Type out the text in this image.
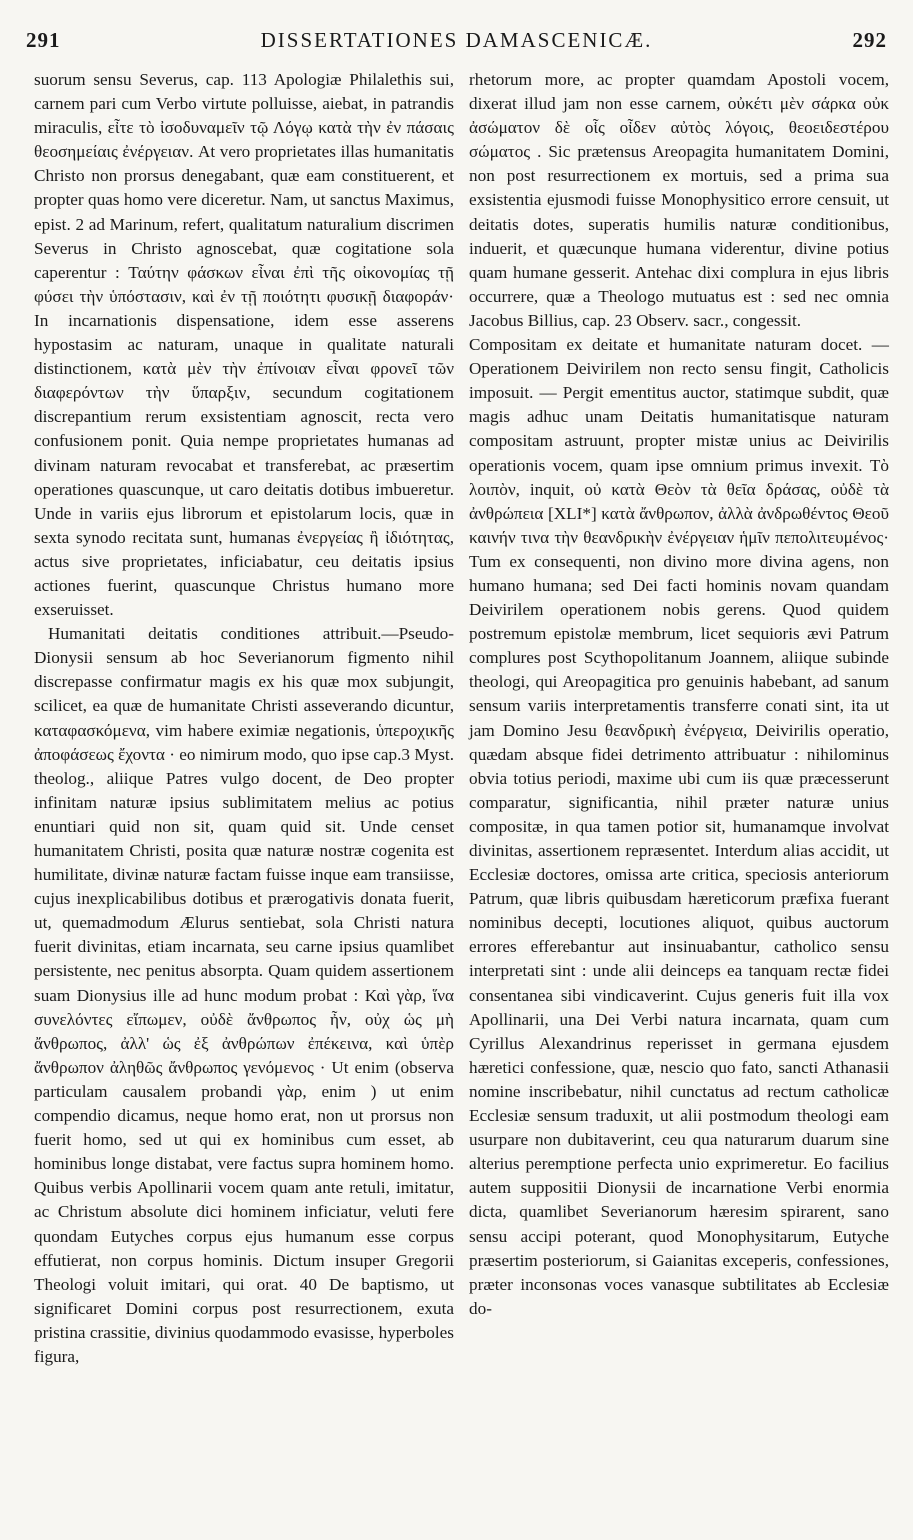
291	DISSERTATIONES DAMASCENICÆ.	292

suorum sensu Severus, cap. 113 Apologiæ Philalethis sui, carnem pari cum Verbo virtute polluisse, aiebat, in patrandis miraculis, εἶτε τὸ ἰσοδυναμεῖν τῷ Λόγῳ κατὰ τὴν ἐν πάσαις θεοσημείαις ἐνέργειαν. At vero proprietates illas humanitatis Christo non prorsus denegabant, quæ eam constituerent, et propter quas homo vere diceretur. Nam, ut sanctus Maximus, epist. 2 ad Marinum, refert, qualitatum naturalium discrimen Severus in Christo agnoscebat, quæ cogitatione sola caperentur : Ταύτην φάσκων εἶναι ἐπὶ τῆς οἰκονομίας τῇ φύσει τὴν ὑπόστασιν, καὶ ἐν τῇ ποιότητι φυσικῇ διαφοράν· In incarnationis dispensatione, idem esse asserens hypostasim ac naturam, unaque in qualitate naturali distinctionem, κατὰ μὲν τὴν ἐπίνοιαν εἶναι φρονεῖ τῶν διαφερόντων τὴν ὕπαρξιν, secundum cogitationem discrepantium rerum exsistentiam agnoscit, recta vero confusionem ponit. Quia nempe proprietates humanas ad divinam naturam revocabat et transferebat, ac præsertim operationes quascunque, ut caro deitatis dotibus imbueretur. Unde in variis ejus librorum et epistolarum locis, quæ in sexta synodo recitata sunt, humanas ἐνεργείας ἢ ἰδιότητας, actus sive proprietates, inficiabatur, ceu deitatis ipsius actiones fuerint, quascunque Christus humano more exseruisset.

Humanitati deitatis conditiones attribuit.—Pseudo-Dionysii sensum ab hoc Severianorum figmento nihil discrepasse confirmatur magis ex his quæ mox subjungit, scilicet, ea quæ de humanitate Christi asseverando dicuntur, καταφασκόμενα, vim habere eximiæ negationis, ὑπεροχικῆς ἀποφάσεως ἔχοντα · eo nimirum modo, quo ipse cap.3 Myst. theolog., aliique Patres vulgo docent, de Deo propter infinitam naturæ ipsius sublimitatem melius ac potius enuntiari quid non sit, quam quid sit. Unde censet humanitatem Christi, posita quæ naturæ nostræ cogenita est humilitate, divinæ naturæ factam fuisse inque eam transiisse, cujus inexplicabilibus dotibus et prærogativis donata fuerit, ut, quemadmodum Ælurus sentiebat, sola Christi natura fuerit divinitas, etiam incarnata, seu carne ipsius quamlibet persistente, nec penitus absorpta. Quam quidem assertionem suam Dionysius ille ad hunc modum probat : Καὶ γὰρ, ἵνα συνελόντες εἴπωμεν, οὐδὲ ἄνθρωπος ἦν, οὐχ ὡς μὴ ἄνθρωπος, ἀλλ' ὡς ἐξ ἀνθρώπων ἐπέκεινα, καὶ ὑπὲρ ἄνθρωπον ἀληθῶς ἄνθρωπος γενόμενος · Ut enim (observa particulam causalem probandi γὰρ, enim ) ut enim compendio dicamus, neque homo erat, non ut prorsus non fuerit homo, sed ut qui ex hominibus cum esset, ab hominibus longe distabat, vere factus supra hominem homo. Quibus verbis Apollinarii vocem quam ante retuli, imitatur, ac Christum absolute dici hominem inficiatur, veluti fere quondam Eutyches corpus ejus humanum esse corpus effutierat, non corpus hominis. Dictum insuper Gregorii Theologi voluit imitari, qui orat. 40 De baptismo, ut significaret Domini corpus post resurrectionem, exuta pristina crassitie, divinius quodammodo evasisse, hyperboles figura,

rhetorum more, ac propter quamdam Apostoli vocem, dixerat illud jam non esse carnem, οὐκέτι μὲν σάρκα οὐκ ἀσώματον δὲ οἷς οἶδεν αὐτὸς λόγοις, θεοειδεστέρου σώματος . Sic prætensus Areopagita humanitatem Domini, non post resurrectionem ex mortuis, sed a prima sua exsistentia ejusmodi fuisse Monophysitico errore censuit, ut deitatis dotes, superatis humilis naturæ conditionibus, induerit, et quæcunque humana viderentur, divine potius quam humane gesserit. Antehac dixi complura in ejus libris occurrere, quæ a Theologo mutuatus est : sed nec omnia Jacobus Billius, cap. 23 Observ. sacr., congessit.

Compositam ex deitate et humanitate naturam docet. — Operationem Deivirilem non recto sensu fingit, Catholicis imposuit. — Pergit ementitus auctor, statimque subdit, quæ magis adhuc unam Deitatis humanitatisque naturam compositam astruunt, propter mistæ unius ac Deivirilis operationis vocem, quam ipse omnium primus invexit. Τὸ λοιπὸν, inquit, οὐ κατὰ Θεὸν τὰ θεῖα δράσας, οὐδὲ τὰ ἀνθρώπεια [XLI*] κατὰ ἄνθρωπον, ἀλλὰ ἀνδρωθέντος Θεοῦ καινήν τινα τὴν θεανδρικὴν ἐνέργειαν ἡμῖν πεπολιτευμένος· Tum ex consequenti, non divino more divina agens, non humano humana; sed Dei facti hominis novam quandam Deivirilem operationem nobis gerens. Quod quidem postremum epistolæ membrum, licet sequioris ævi Patrum complures post Scythopolitanum Joannem, aliique subinde theologi, qui Areopagitica pro genuinis habebant, ad sanum sensum variis interpretamentis transferre conati sint, ita ut jam Domino Jesu θεανδρικὴ ἐνέργεια, Deivirilis operatio, quædam absque fidei detrimento attribuatur : nihilominus obvia totius periodi, maxime ubi cum iis quæ præcesserunt comparatur, significantia, nihil præter naturæ unius compositæ, in qua tamen potior sit, humanamque involvat divinitas, assertionem repræsentet. Interdum alias accidit, ut Ecclesiæ doctores, omissa arte critica, speciosis anteriorum Patrum, quæ libris quibusdam hæreticorum præfixa fuerant nominibus decepti, locutiones aliquot, quibus auctorum errores efferebantur aut insinuabantur, catholico sensu interpretati sint : unde alii deinceps ea tanquam rectæ fidei consentanea sibi vindicaverint. Cujus generis fuit illa vox Apollinarii, una Dei Verbi natura incarnata, quam cum Cyrillus Alexandrinus reperisset in germana ejusdem hæretici confessione, quæ, nescio quo fato, sancti Athanasii nomine inscribebatur, nihil cunctatus ad rectum catholicæ Ecclesiæ sensum traduxit, ut alii postmodum theologi eam usurpare non dubitaverint, ceu qua naturarum duarum sine alterius peremptione perfecta unio exprimeretur. Eo facilius autem suppositii Dionysii de incarnatione Verbi enormia dicta, quamlibet Severianorum hæresim spirarent, sano sensu accipi poterant, quod Monophysitarum, Eutyche præsertim posteriorum, si Gaianitas exceperis, confessiones, præter inconsonas voces vanasque subtilitates ab Ecclesiæ do-
